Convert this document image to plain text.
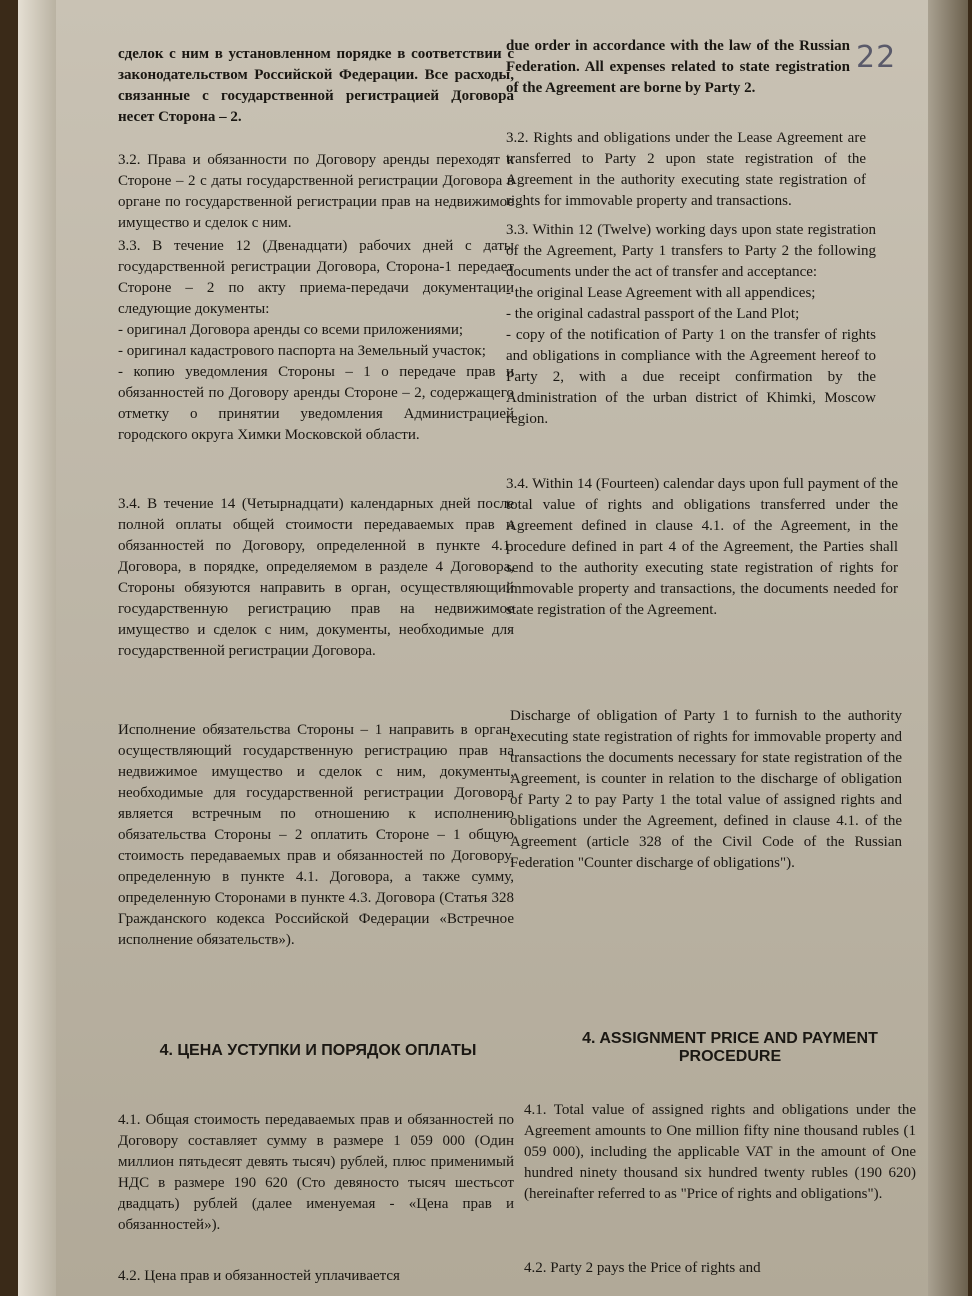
22

сделок с ним в установленном порядке в соответствии с законодательством Российской Федерации. Все расходы, связанные с государственной регистрацией Договора несет Сторона – 2.

3.2. Права и обязанности по Договору аренды переходят к Стороне – 2 с даты государственной регистрации Договора в органе по государственной регистрации прав на недвижимое имущество и сделок с ним.

3.3. В течение 12 (Двенадцати) рабочих дней с даты государственной регистрации Договора, Сторона-1 передает Стороне – 2 по акту приема-передачи документации следующие документы:

- оригинал Договора аренды со всеми приложениями;

- оригинал кадастрового паспорта на Земельный участок;

- копию уведомления Стороны – 1 о передаче прав и обязанностей по Договору аренды Стороне – 2, содержащего отметку о принятии уведомления Администрацией городского округа Химки Московской области.

3.4. В течение 14 (Четырнадцати) календарных дней после полной оплаты общей стоимости передаваемых прав и обязанностей по Договору, определенной в пункте 4.1. Договора, в порядке, определяемом в разделе 4 Договора, Стороны обязуются направить в орган, осуществляющий государственную регистрацию прав на недвижимое имущество и сделок с ним, документы, необходимые для государственной регистрации Договора.

Исполнение обязательства Стороны – 1 направить в орган, осуществляющий государственную регистрацию прав на недвижимое имущество и сделок с ним, документы, необходимые для государственной регистрации Договора является встречным по отношению к исполнению обязательства Стороны – 2 оплатить Стороне – 1 общую стоимость передаваемых прав и обязанностей по Договору, определенную в пункте 4.1. Договора, а также сумму, определенную Сторонами в пункте 4.3. Договора (Статья 328 Гражданского кодекса Российской Федерации «Встречное исполнение обязательств»).

4. ЦЕНА УСТУПКИ И ПОРЯДОК ОПЛАТЫ

4.1. Общая стоимость передаваемых прав и обязанностей по Договору составляет сумму в размере 1 059 000 (Один миллион пятьдесят девять тысяч) рублей, плюс применимый НДС в размере 190 620 (Сто девяносто тысяч шестьсот двадцать) рублей (далее именуемая - «Цена прав и обязанностей»).

4.2. Цена прав и обязанностей уплачивается

due order in accordance with the law of the Russian Federation. All expenses related to state registration of the Agreement are borne by Party 2.

3.2. Rights and obligations under the Lease Agreement are transferred to Party 2 upon state registration of the Agreement in the authority executing state registration of rights for immovable property and transactions.

3.3. Within 12 (Twelve) working days upon state registration of the Agreement, Party 1 transfers to Party 2 the following documents under the act of transfer and acceptance:

- the original Lease Agreement with all appendices;

- the original cadastral passport of the Land Plot;

- copy of the notification of Party 1 on the transfer of rights and obligations in compliance with the Agreement hereof to Party 2, with a due receipt confirmation by the Administration of the urban district of Khimki, Moscow region.

3.4. Within 14 (Fourteen) calendar days upon full payment of the total value of rights and obligations transferred under the Agreement defined in clause 4.1. of the Agreement, in the procedure defined in part 4 of the Agreement, the Parties shall send to the authority executing state registration of rights for immovable property and transactions, the documents needed for state registration of the Agreement.

Discharge of obligation of Party 1 to furnish to the authority executing state registration of rights for immovable property and transactions the documents necessary for state registration of the Agreement, is counter in relation to the discharge of obligation of Party 2 to pay Party 1 the total value of assigned rights and obligations under the Agreement, defined in clause 4.1. of the Agreement (article 328 of the Civil Code of the Russian Federation "Counter discharge of obligations").

4. ASSIGNMENT PRICE AND PAYMENT
PROCEDURE

4.1. Total value of assigned rights and obligations under the Agreement amounts to One million fifty nine thousand rubles (1 059 000), including the applicable VAT in the amount of One hundred ninety thousand six hundred twenty rubles (190 620) (hereinafter referred to as "Price of rights and obligations").

4.2. Party 2 pays the Price of rights and
